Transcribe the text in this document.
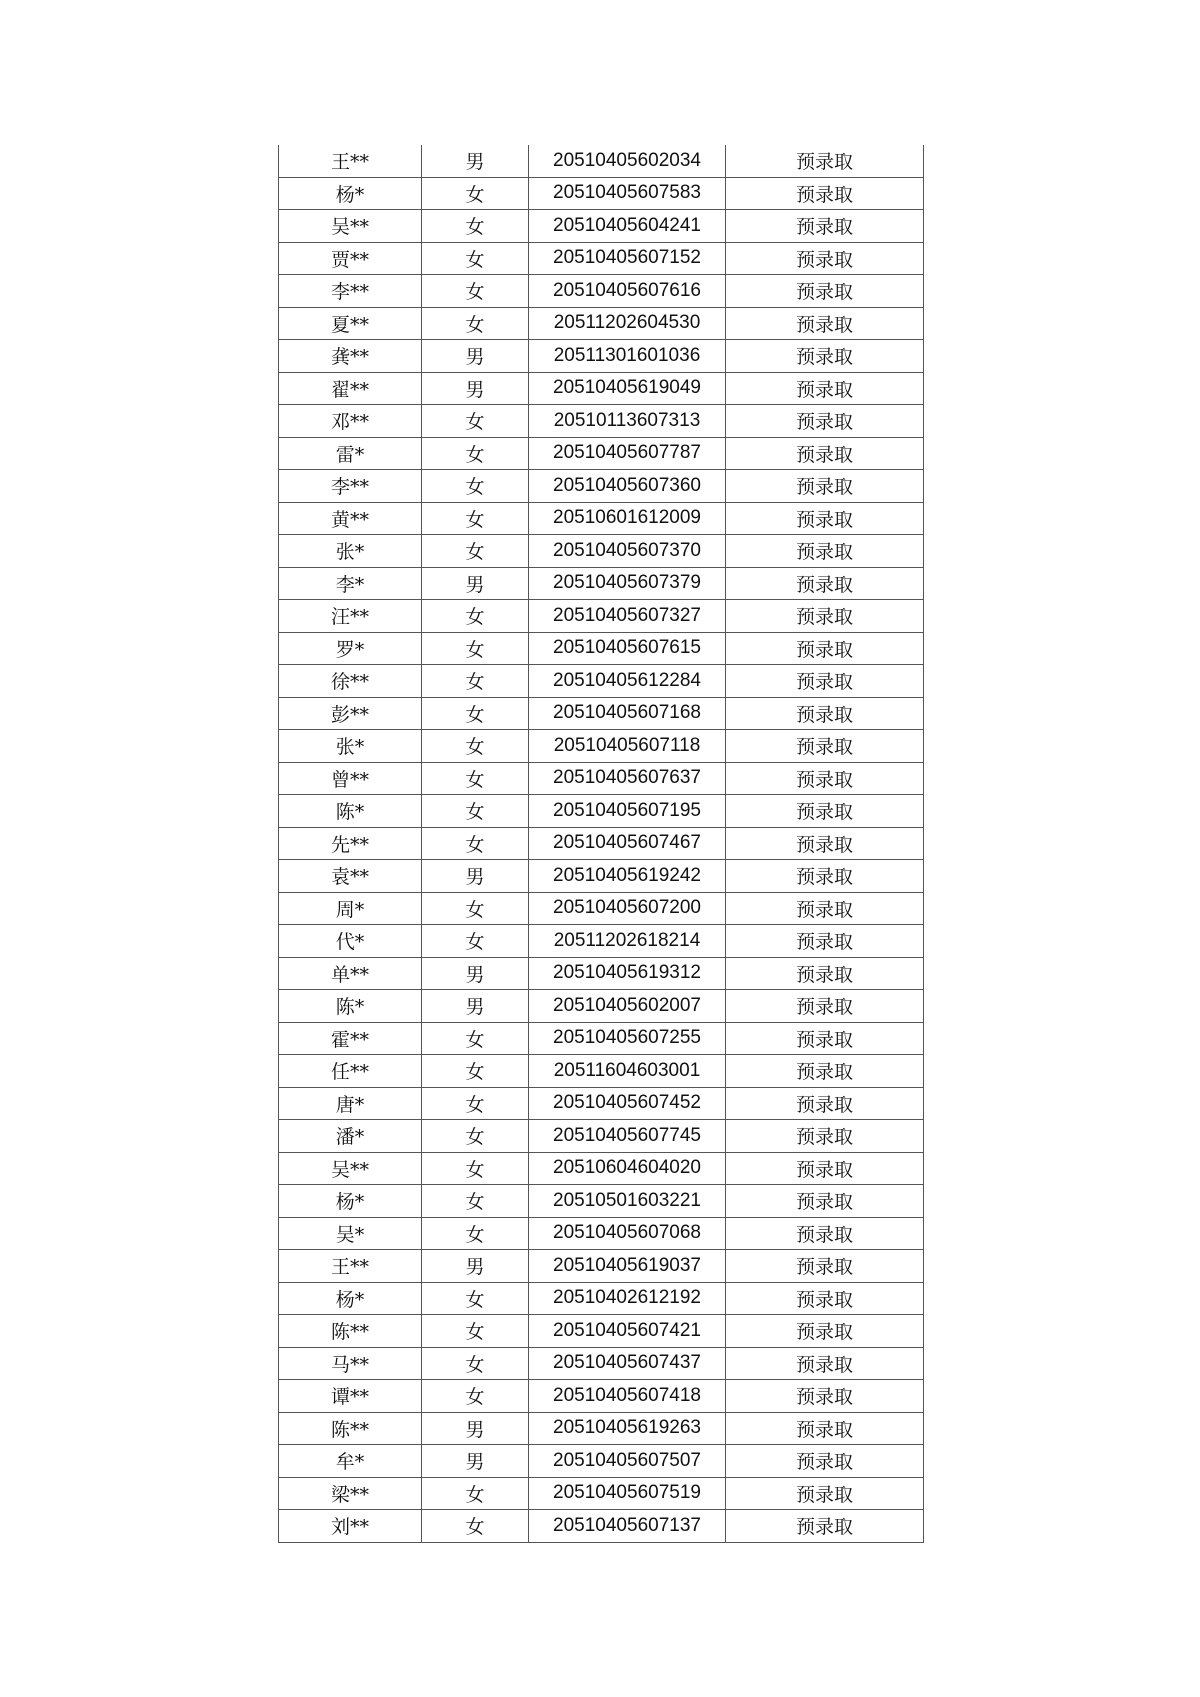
王**	男	20510405602034	预录取
杨*	女	20510405607583	预录取
吴**	女	20510405604241	预录取
贾**	女	20510405607152	预录取
李**	女	20510405607616	预录取
夏**	女	20511202604530	预录取
龚**	男	20511301601036	预录取
翟**	男	20510405619049	预录取
邓**	女	20510113607313	预录取
雷*	女	20510405607787	预录取
李**	女	20510405607360	预录取
黄**	女	20510601612009	预录取
张*	女	20510405607370	预录取
李*	男	20510405607379	预录取
汪**	女	20510405607327	预录取
罗*	女	20510405607615	预录取
徐**	女	20510405612284	预录取
彭**	女	20510405607168	预录取
张*	女	20510405607118	预录取
曾**	女	20510405607637	预录取
陈*	女	20510405607195	预录取
先**	女	20510405607467	预录取
袁**	男	20510405619242	预录取
周*	女	20510405607200	预录取
代*	女	20511202618214	预录取
单**	男	20510405619312	预录取
陈*	男	20510405602007	预录取
霍**	女	20510405607255	预录取
任**	女	20511604603001	预录取
唐*	女	20510405607452	预录取
潘*	女	20510405607745	预录取
吴**	女	20510604604020	预录取
杨*	女	20510501603221	预录取
吴*	女	20510405607068	预录取
王**	男	20510405619037	预录取
杨*	女	20510402612192	预录取
陈**	女	20510405607421	预录取
马**	女	20510405607437	预录取
谭**	女	20510405607418	预录取
陈**	男	20510405619263	预录取
牟*	男	20510405607507	预录取
梁**	女	20510405607519	预录取
刘**	女	20510405607137	预录取
